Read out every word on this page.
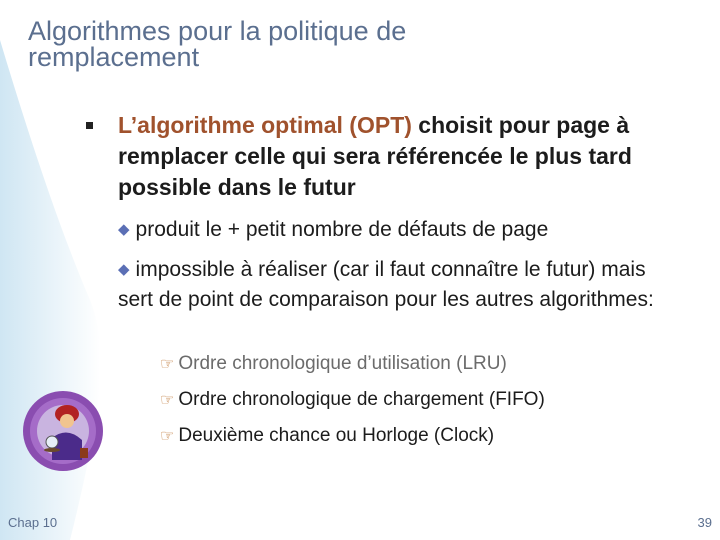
Algorithmes pour la politique de
remplacement
L’algorithme optimal (OPT) choisit pour page à remplacer celle qui sera référencée le plus tard possible dans le futur
◆ produit le + petit nombre de défauts de page
◆ impossible à réaliser (car il faut connaître le futur) mais sert de point de comparaison pour les autres algorithmes:
☞ Ordre chronologique d’utilisation (LRU)
☞ Ordre chronologique de chargement (FIFO)
☞ Deuxième chance ou Horloge (Clock)
Chap 10	39
